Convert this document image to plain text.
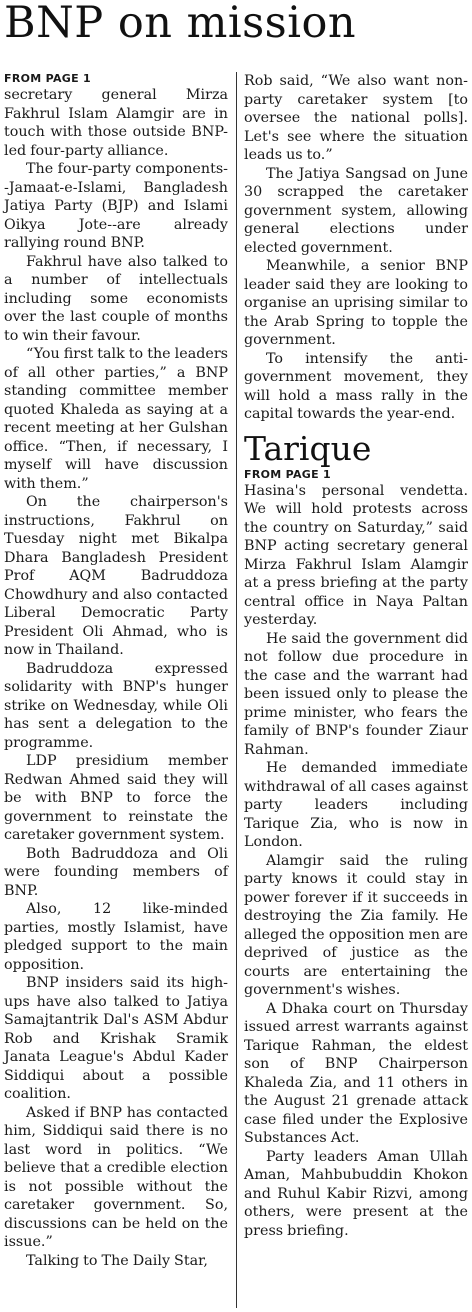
BNP on mission

FROM PAGE 1

secretary general Mirza Fakhrul Islam Alamgir are in touch with those outside BNP-led four-party alliance.

The four-party components--Jamaat-e-Islami, Bangladesh Jatiya Party (BJP) and Islami Oikya Jote--are already rallying round BNP.

Fakhrul have also talked to a number of intellectuals including some economists over the last couple of months to win their favour.

“You first talk to the leaders of all other parties,” a BNP standing committee member quoted Khaleda as saying at a recent meeting at her Gulshan office. “Then, if necessary, I myself will have discussion with them.”

On the chairperson's instructions, Fakhrul on Tuesday night met Bikalpa Dhara Bangladesh President Prof AQM Badruddoza Chowdhury and also contacted Liberal Democratic Party President Oli Ahmad, who is now in Thailand.

Badruddoza expressed solidarity with BNP's hunger strike on Wednesday, while Oli has sent a delegation to the programme.

LDP presidium member Redwan Ahmed said they will be with BNP to force the government to reinstate the caretaker government system.

Both Badruddoza and Oli were founding members of BNP.

Also, 12 like-minded parties, mostly Islamist, have pledged support to the main opposition.

BNP insiders said its high-ups have also talked to Jatiya Samajtantrik Dal's ASM Abdur Rob and Krishak Sramik Janata League's Abdul Kader Siddiqui about a possible coalition.

Asked if BNP has contacted him, Siddiqui said there is no last word in politics. “We believe that a credible election is not possible without the caretaker government. So, discussions can be held on the issue.”

Talking to The Daily Star,

Rob said, “We also want non-party caretaker system [to oversee the national polls]. Let's see where the situation leads us to.”

The Jatiya Sangsad on June 30 scrapped the caretaker government system, allowing general elections under elected government.

Meanwhile, a senior BNP leader said they are looking to organise an uprising similar to the Arab Spring to topple the government.

To intensify the anti-government movement, they will hold a mass rally in the capital towards the year-end.

Tarique

FROM PAGE 1

Hasina's personal vendetta. We will hold protests across the country on Saturday,” said BNP acting secretary general Mirza Fakhrul Islam Alamgir at a press briefing at the party central office in Naya Paltan yesterday.

He said the government did not follow due procedure in the case and the warrant had been issued only to please the prime minister, who fears the family of BNP's founder Ziaur Rahman.

He demanded immediate withdrawal of all cases against party leaders including Tarique Zia, who is now in London.

Alamgir said the ruling party knows it could stay in power forever if it succeeds in destroying the Zia family. He alleged the opposition men are deprived of justice as the courts are entertaining the government's wishes.

A Dhaka court on Thursday issued arrest warrants against Tarique Rahman, the eldest son of BNP Chairperson Khaleda Zia, and 11 others in the August 21 grenade attack case filed under the Explosive Substances Act.

Party leaders Aman Ullah Aman, Mahbubuddin Khokon and Ruhul Kabir Rizvi, among others, were present at the press briefing.
